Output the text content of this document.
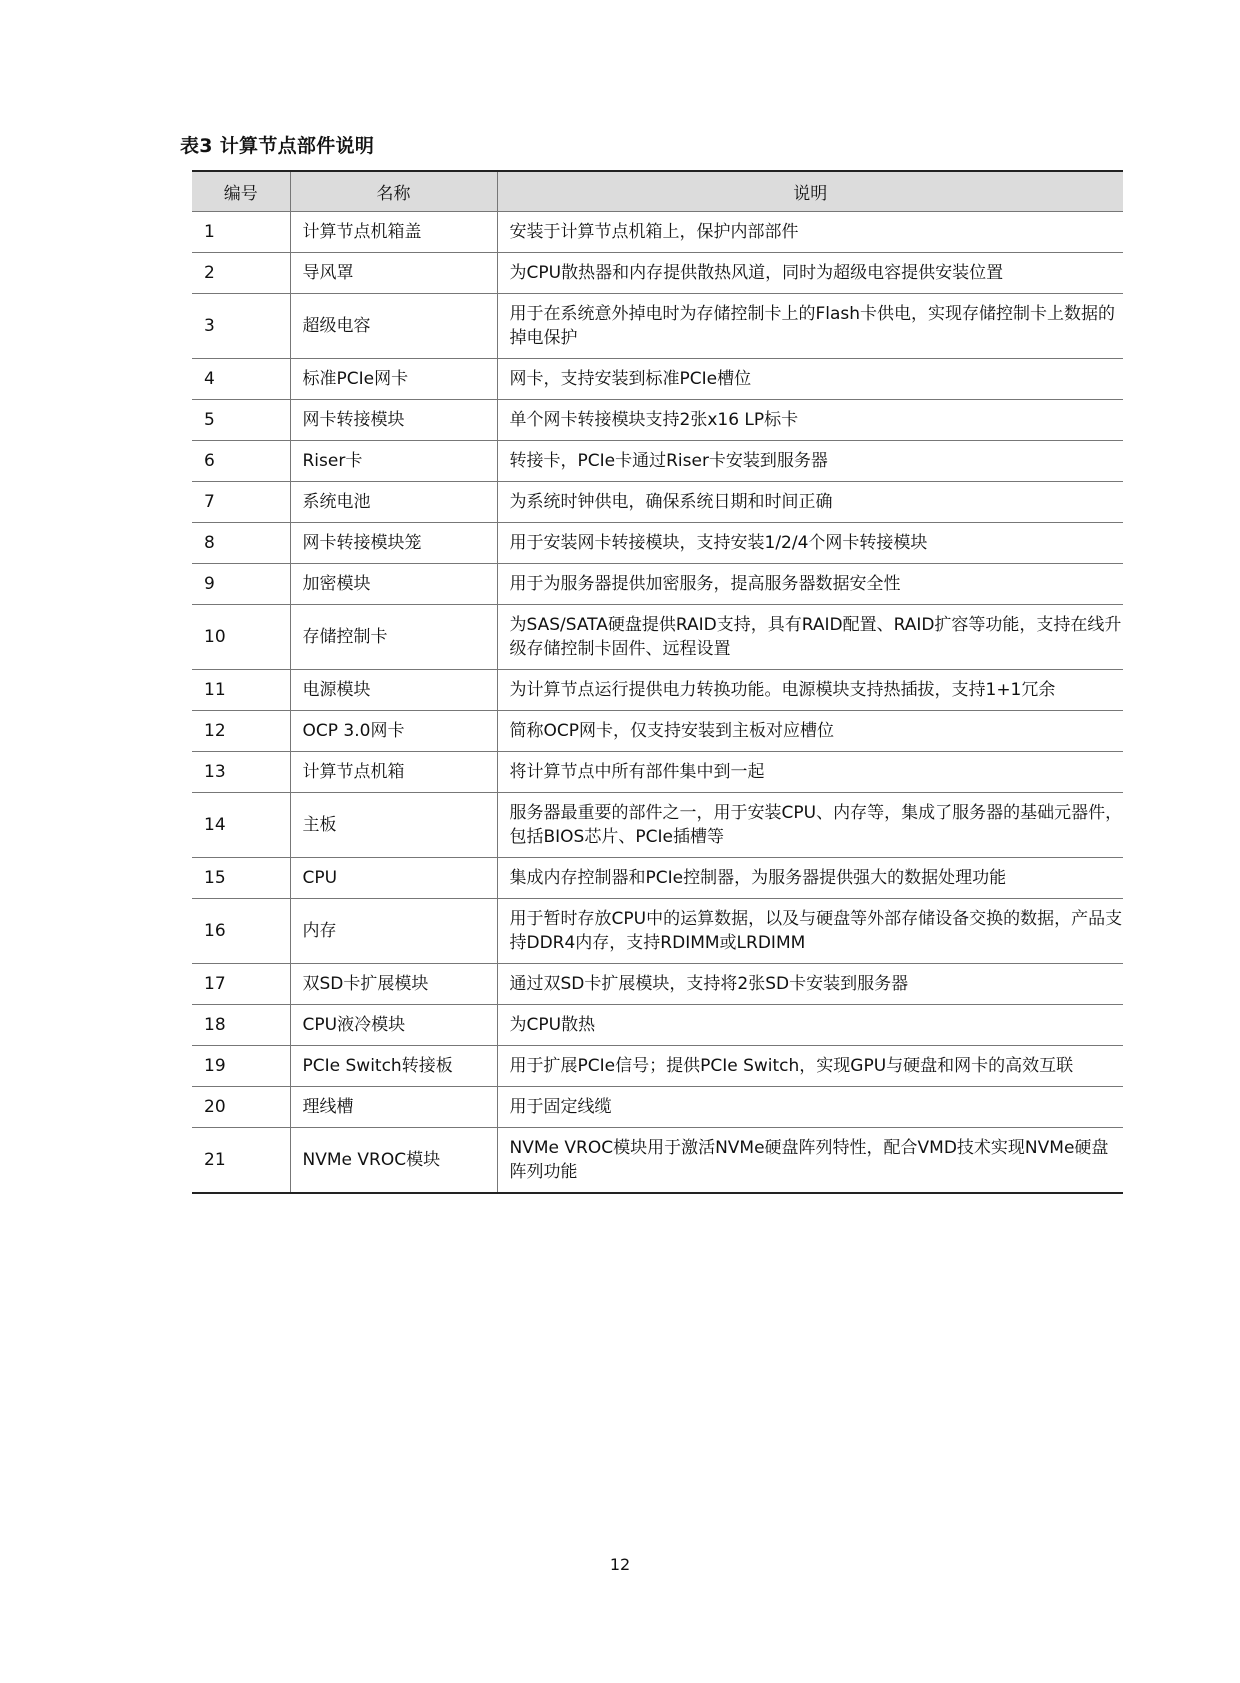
表3 计算节点部件说明
编号	名称	说明
1	计算节点机箱盖	安装于计算节点机箱上，保护内部部件
2	导风罩	为CPU散热器和内存提供散热风道，同时为超级电容提供安装位置
3	超级电容	用于在系统意外掉电时为存储控制卡上的Flash卡供电，实现存储控制卡上数据的掉电保护
4	标准PCIe网卡	网卡，支持安装到标准PCIe槽位
5	网卡转接模块	单个网卡转接模块支持2张x16 LP标卡
6	Riser卡	转接卡，PCIe卡通过Riser卡安装到服务器
7	系统电池	为系统时钟供电，确保系统日期和时间正确
8	网卡转接模块笼	用于安装网卡转接模块，支持安装1/2/4个网卡转接模块
9	加密模块	用于为服务器提供加密服务，提高服务器数据安全性
10	存储控制卡	为SAS/SATA硬盘提供RAID支持，具有RAID配置、RAID扩容等功能，支持在线升级存储控制卡固件、远程设置
11	电源模块	为计算节点运行提供电力转换功能。电源模块支持热插拔，支持1+1冗余
12	OCP 3.0网卡	简称OCP网卡，仅支持安装到主板对应槽位
13	计算节点机箱	将计算节点中所有部件集中到一起
14	主板	服务器最重要的部件之一，用于安装CPU、内存等，集成了服务器的基础元器件，包括BIOS芯片、PCIe插槽等
15	CPU	集成内存控制器和PCIe控制器，为服务器提供强大的数据处理功能
16	内存	用于暂时存放CPU中的运算数据，以及与硬盘等外部存储设备交换的数据，产品支持DDR4内存，支持RDIMM或LRDIMM
17	双SD卡扩展模块	通过双SD卡扩展模块，支持将2张SD卡安装到服务器
18	CPU液冷模块	为CPU散热
19	PCIe Switch转接板	用于扩展PCIe信号；提供PCIe Switch，实现GPU与硬盘和网卡的高效互联
20	理线槽	用于固定线缆
21	NVMe VROC模块	NVMe VROC模块用于激活NVMe硬盘阵列特性，配合VMD技术实现NVMe硬盘阵列功能
12
